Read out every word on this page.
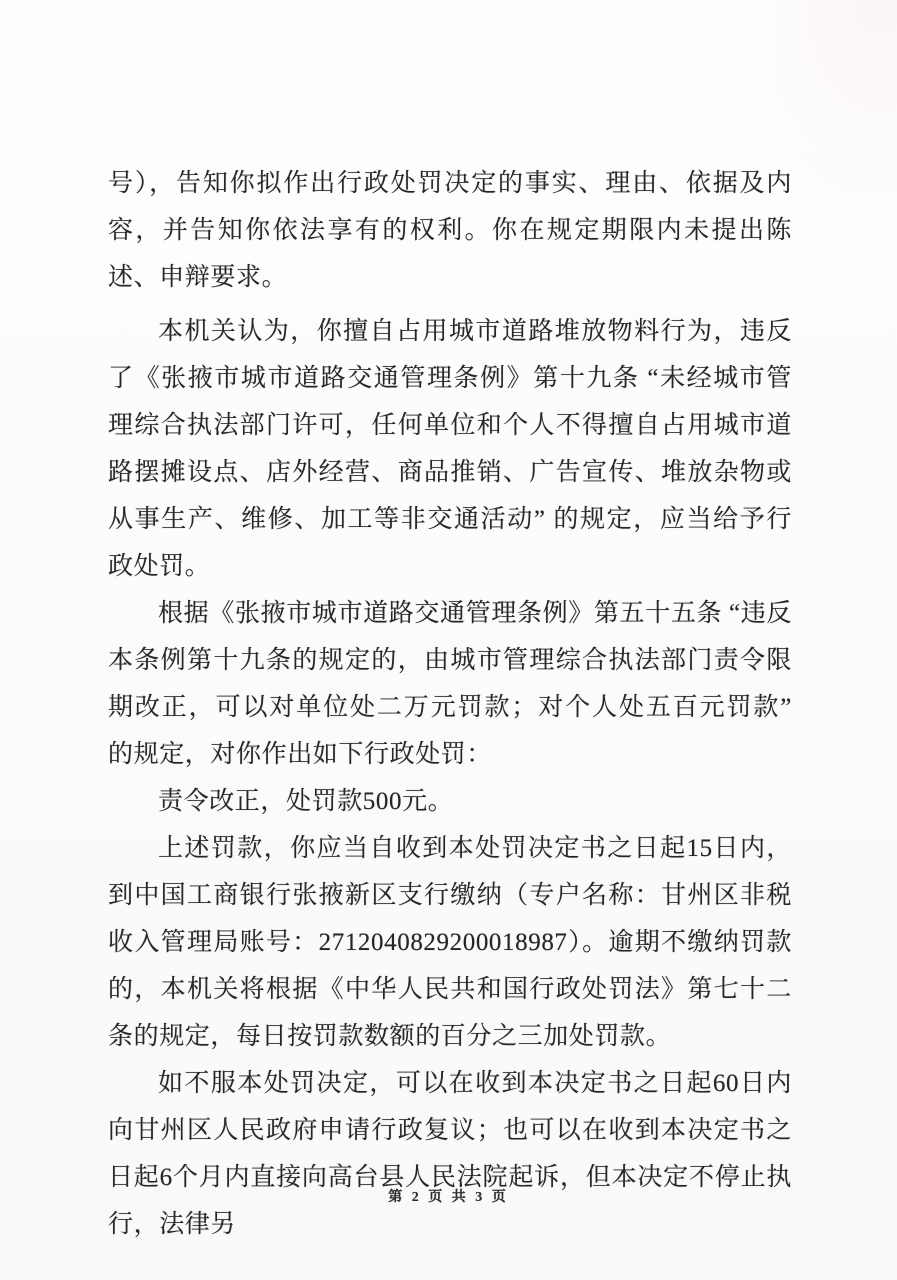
号），告知你拟作出行政处罚决定的事实、理由、依据及内容，并告知你依法享有的权利。你在规定期限内未提出陈述、申辩要求。

本机关认为，你擅自占用城市道路堆放物料行为，违反了《张掖市城市道路交通管理条例》第十九条 “未经城市管理综合执法部门许可，任何单位和个人不得擅自占用城市道路摆摊设点、店外经营、商品推销、广告宣传、堆放杂物或从事生产、维修、加工等非交通活动” 的规定，应当给予行政处罚。

根据《张掖市城市道路交通管理条例》第五十五条 “违反本条例第十九条的规定的，由城市管理综合执法部门责令限期改正，可以对单位处二万元罚款；对个人处五百元罚款” 的规定，对你作出如下行政处罚：

责令改正，处罚款500元。

上述罚款，你应当自收到本处罚决定书之日起15日内，到中国工商银行张掖新区支行缴纳（专户名称：甘州区非税收入管理局账号：2712040829200018987）。逾期不缴纳罚款的，本机关将根据《中华人民共和国行政处罚法》第七十二条的规定，每日按罚款数额的百分之三加处罚款。

如不服本处罚决定，可以在收到本决定书之日起60日内向甘州区人民政府申请行政复议；也可以在收到本决定书之日起6个月内直接向高台县人民法院起诉，但本决定不停止执行，法律另

第 2 页 共 3 页
